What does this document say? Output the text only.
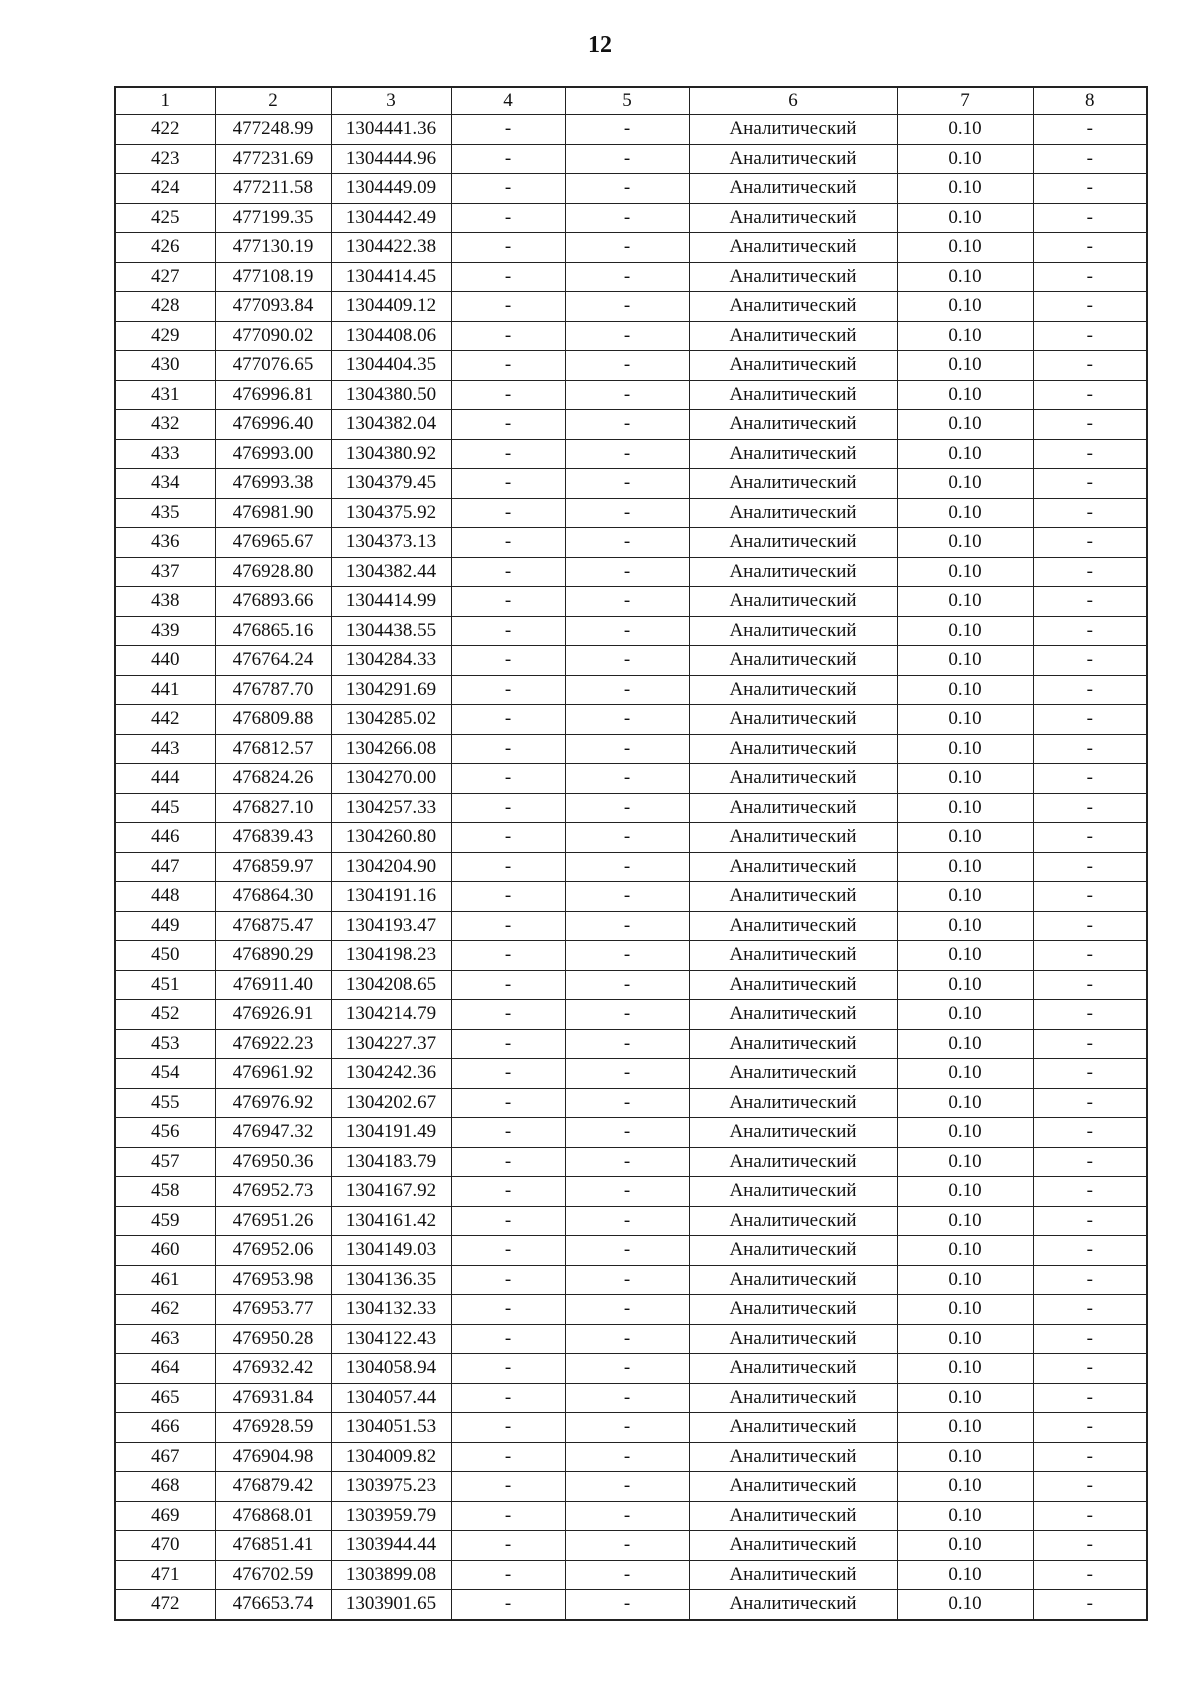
12
1	2	3	4	5	6	7	8
422	477248.99	1304441.36	-	-	Аналитический	0.10	-
423	477231.69	1304444.96	-	-	Аналитический	0.10	-
424	477211.58	1304449.09	-	-	Аналитический	0.10	-
425	477199.35	1304442.49	-	-	Аналитический	0.10	-
426	477130.19	1304422.38	-	-	Аналитический	0.10	-
427	477108.19	1304414.45	-	-	Аналитический	0.10	-
428	477093.84	1304409.12	-	-	Аналитический	0.10	-
429	477090.02	1304408.06	-	-	Аналитический	0.10	-
430	477076.65	1304404.35	-	-	Аналитический	0.10	-
431	476996.81	1304380.50	-	-	Аналитический	0.10	-
432	476996.40	1304382.04	-	-	Аналитический	0.10	-
433	476993.00	1304380.92	-	-	Аналитический	0.10	-
434	476993.38	1304379.45	-	-	Аналитический	0.10	-
435	476981.90	1304375.92	-	-	Аналитический	0.10	-
436	476965.67	1304373.13	-	-	Аналитический	0.10	-
437	476928.80	1304382.44	-	-	Аналитический	0.10	-
438	476893.66	1304414.99	-	-	Аналитический	0.10	-
439	476865.16	1304438.55	-	-	Аналитический	0.10	-
440	476764.24	1304284.33	-	-	Аналитический	0.10	-
441	476787.70	1304291.69	-	-	Аналитический	0.10	-
442	476809.88	1304285.02	-	-	Аналитический	0.10	-
443	476812.57	1304266.08	-	-	Аналитический	0.10	-
444	476824.26	1304270.00	-	-	Аналитический	0.10	-
445	476827.10	1304257.33	-	-	Аналитический	0.10	-
446	476839.43	1304260.80	-	-	Аналитический	0.10	-
447	476859.97	1304204.90	-	-	Аналитический	0.10	-
448	476864.30	1304191.16	-	-	Аналитический	0.10	-
449	476875.47	1304193.47	-	-	Аналитический	0.10	-
450	476890.29	1304198.23	-	-	Аналитический	0.10	-
451	476911.40	1304208.65	-	-	Аналитический	0.10	-
452	476926.91	1304214.79	-	-	Аналитический	0.10	-
453	476922.23	1304227.37	-	-	Аналитический	0.10	-
454	476961.92	1304242.36	-	-	Аналитический	0.10	-
455	476976.92	1304202.67	-	-	Аналитический	0.10	-
456	476947.32	1304191.49	-	-	Аналитический	0.10	-
457	476950.36	1304183.79	-	-	Аналитический	0.10	-
458	476952.73	1304167.92	-	-	Аналитический	0.10	-
459	476951.26	1304161.42	-	-	Аналитический	0.10	-
460	476952.06	1304149.03	-	-	Аналитический	0.10	-
461	476953.98	1304136.35	-	-	Аналитический	0.10	-
462	476953.77	1304132.33	-	-	Аналитический	0.10	-
463	476950.28	1304122.43	-	-	Аналитический	0.10	-
464	476932.42	1304058.94	-	-	Аналитический	0.10	-
465	476931.84	1304057.44	-	-	Аналитический	0.10	-
466	476928.59	1304051.53	-	-	Аналитический	0.10	-
467	476904.98	1304009.82	-	-	Аналитический	0.10	-
468	476879.42	1303975.23	-	-	Аналитический	0.10	-
469	476868.01	1303959.79	-	-	Аналитический	0.10	-
470	476851.41	1303944.44	-	-	Аналитический	0.10	-
471	476702.59	1303899.08	-	-	Аналитический	0.10	-
472	476653.74	1303901.65	-	-	Аналитический	0.10	-
